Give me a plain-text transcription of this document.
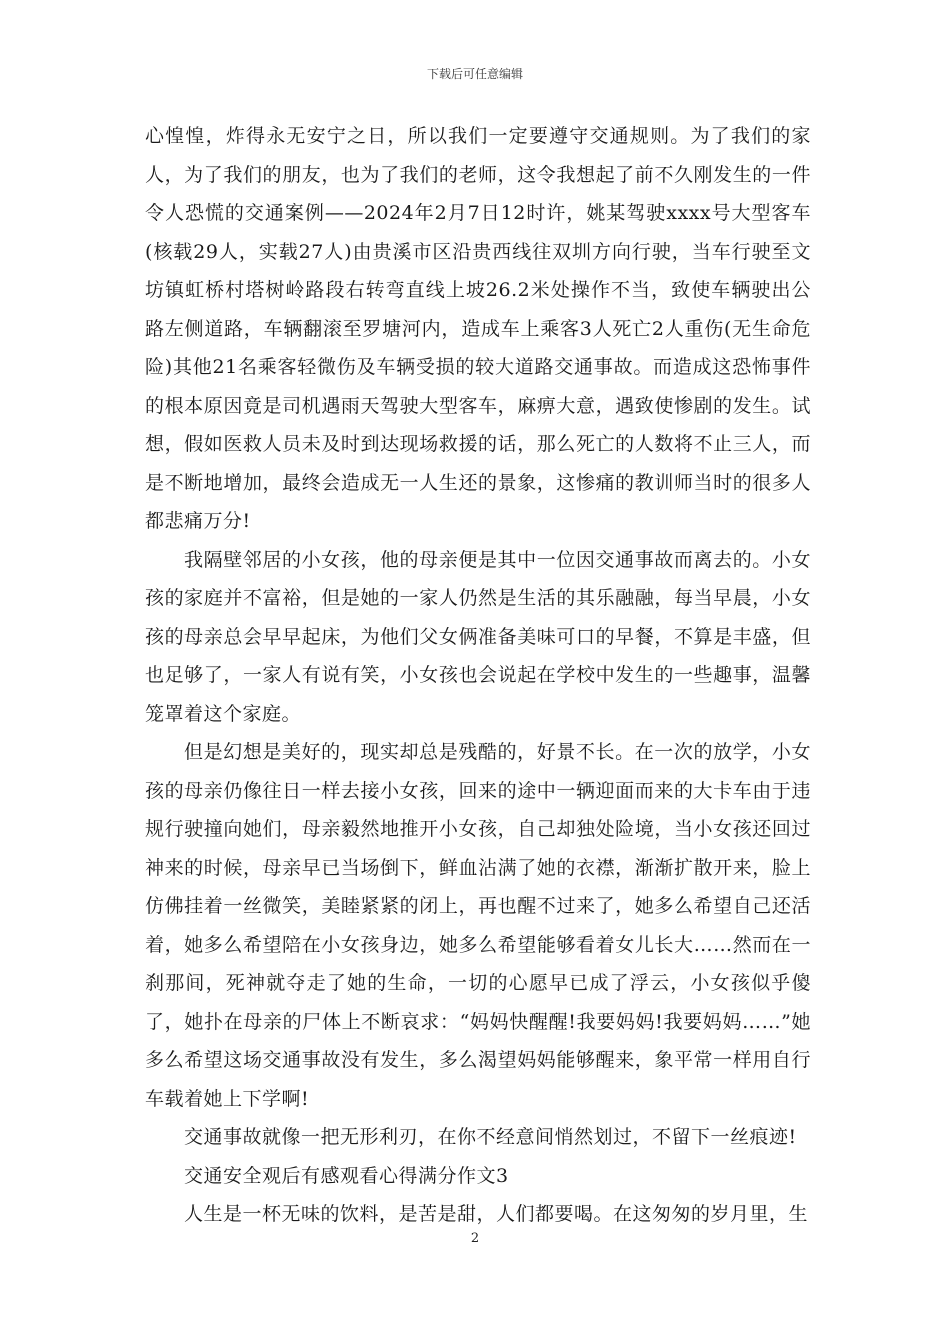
下载后可任意编辑

心惶惶，炸得永无安宁之日，所以我们一定要遵守交通规则。为了我们的家人，为了我们的朋友，也为了我们的老师，这令我想起了前不久刚发生的一件令人恐慌的交通案例——2024年2月7日12时许，姚某驾驶xxxx号大型客车(核载29人，实载27人)由贵溪市区沿贵西线往双圳方向行驶，当车行驶至文坊镇虹桥村塔树岭路段右转弯直线上坡26.2米处操作不当，致使车辆驶出公路左侧道路，车辆翻滚至罗塘河内，造成车上乘客3人死亡2人重伤(无生命危险)其他21名乘客轻微伤及车辆受损的较大道路交通事故。而造成这恐怖事件的根本原因竟是司机遇雨天驾驶大型客车，麻痹大意，遇致使惨剧的发生。试想，假如医救人员未及时到达现场救援的话，那么死亡的人数将不止三人，而是不断地增加，最终会造成无一人生还的景象，这惨痛的教训师当时的很多人都悲痛万分!

我隔壁邻居的小女孩，他的母亲便是其中一位因交通事故而离去的。小女孩的家庭并不富裕，但是她的一家人仍然是生活的其乐融融，每当早晨，小女孩的母亲总会早早起床，为他们父女俩准备美味可口的早餐，不算是丰盛，但也足够了，一家人有说有笑，小女孩也会说起在学校中发生的一些趣事，温馨笼罩着这个家庭。

但是幻想是美好的，现实却总是残酷的，好景不长。在一次的放学，小女孩的母亲仍像往日一样去接小女孩，回来的途中一辆迎面而来的大卡车由于违规行驶撞向她们，母亲毅然地推开小女孩，自己却独处险境，当小女孩还回过神来的时候，母亲早已当场倒下，鲜血沾满了她的衣襟，渐渐扩散开来，脸上仿佛挂着一丝微笑，美睦紧紧的闭上，再也醒不过来了，她多么希望自己还活着，她多么希望陪在小女孩身边，她多么希望能够看着女儿长大……然而在一刹那间，死神就夺走了她的生命，一切的心愿早已成了浮云，小女孩似乎傻了，她扑在母亲的尸体上不断哀求：“妈妈快醒醒!我要妈妈!我要妈妈……”她多么希望这场交通事故没有发生，多么渴望妈妈能够醒来，象平常一样用自行车载着她上下学啊!

交通事故就像一把无形利刃，在你不经意间悄然划过，不留下一丝痕迹!

交通安全观后有感观看心得满分作文3

人生是一杯无味的饮料，是苦是甜，人们都要喝。在这匆匆的岁月里，生

2
